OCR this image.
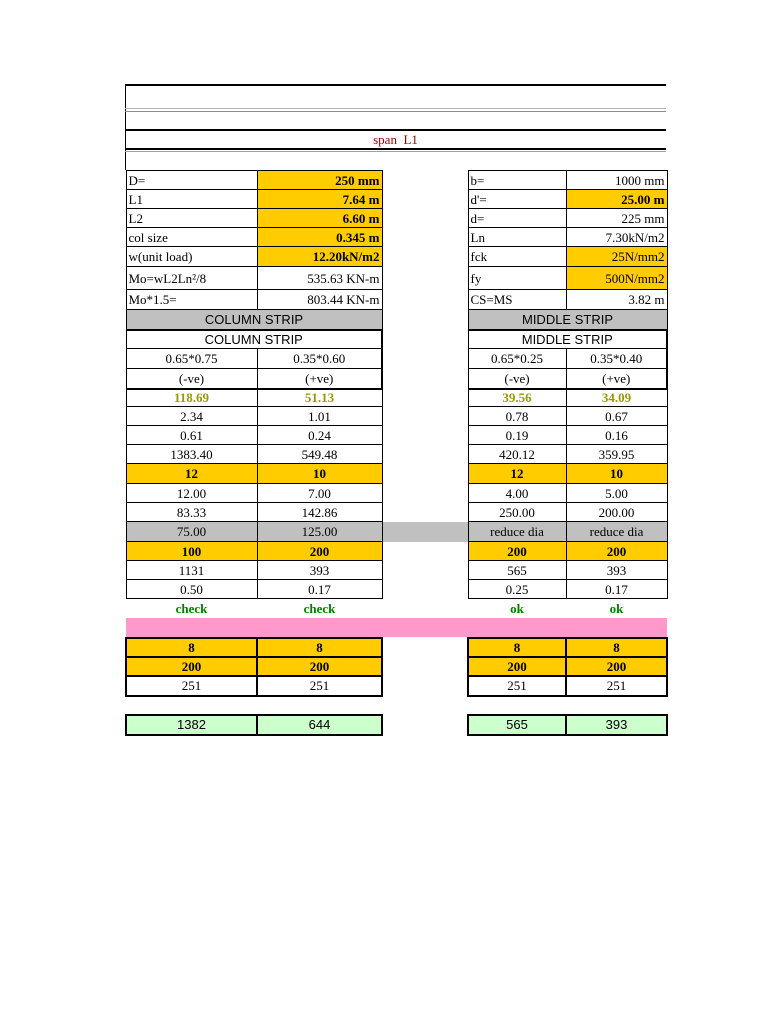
span  L1
D=	250 mm		b=	1000 mm
L1	7.64 m		d'=	25.00 m
L2	6.60 m		d=	225 mm
col size	0.345 m		Ln	7.30kN/m2
w(unit load)	12.20kN/m2		fck	25N/mm2
Mo=wL2Ln²/8	535.63 KN-m		fy	500N/mm2
Mo*1.5=	803.44 KN-m		CS=MS	3.82 m
COLUMN STRIP			MIDDLE STRIP	
COLUMN STRIP			MIDDLE STRIP	
0.65*0.75	0.35*0.60		0.65*0.25	0.35*0.40
(-ve)	(+ve)		(-ve)	(+ve)
118.69	51.13		39.56	34.09
2.34	1.01		0.78	0.67
0.61	0.24		0.19	0.16
1383.40	549.48		420.12	359.95
12	10		12	10
12.00	7.00		4.00	5.00
83.33	142.86		250.00	200.00
75.00	125.00		reduce dia	reduce dia
100	200		200	200
1131	393		565	393
0.50	0.17		0.25	0.17
check	check		ok	ok

8	8		8	8
200	200		200	200
251	251		251	251

1382	644		565	393
